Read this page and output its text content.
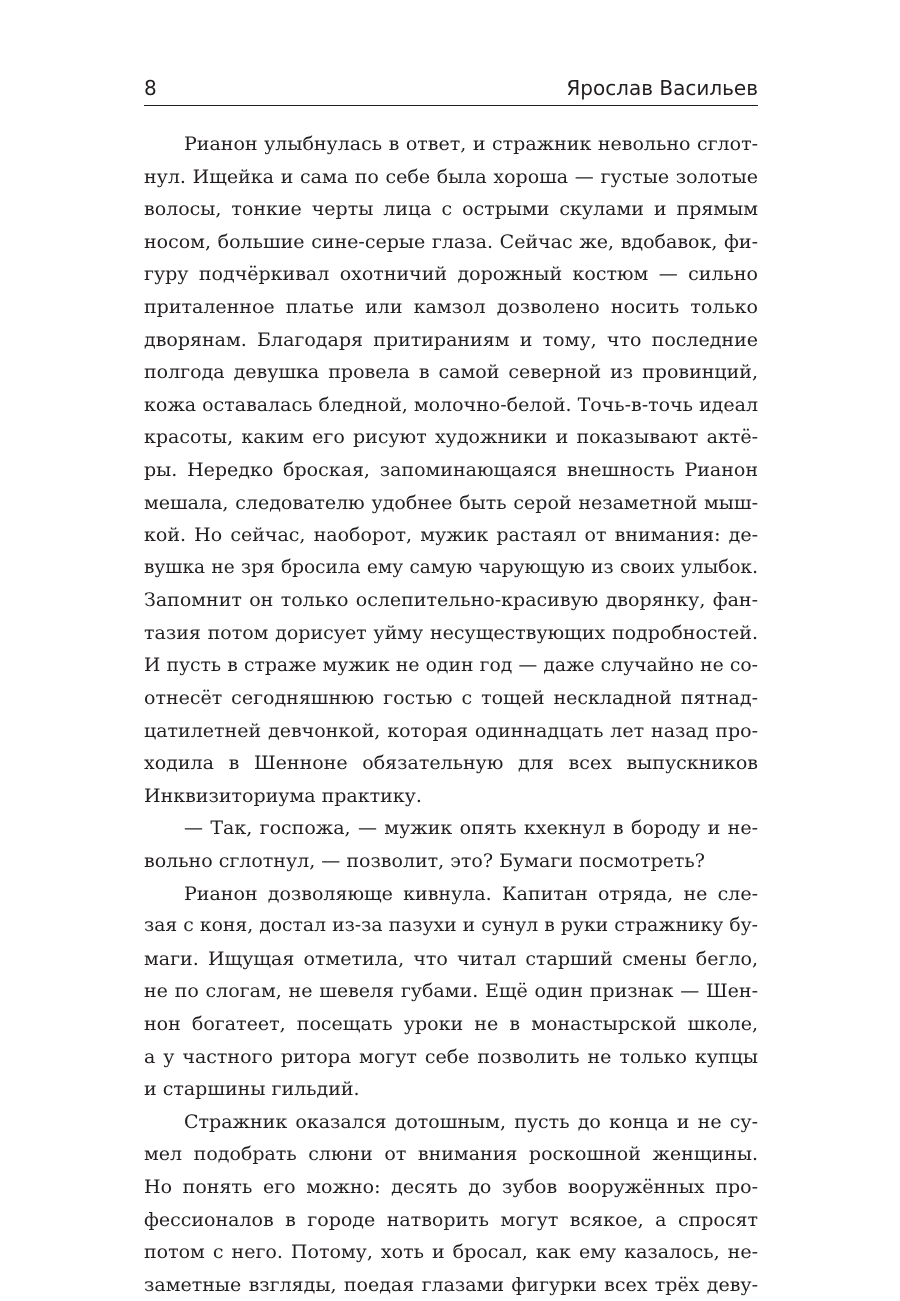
8	Ярослав Васильев
Рианон улыбнулась в ответ, и стражник невольно сглот-
нул. Ищейка и сама по себе была хороша — густые золотые
волосы, тонкие черты лица с острыми скулами и прямым
носом, большие сине-серые глаза. Сейчас же, вдобавок, фи-
гуру подчёркивал охотничий дорожный костюм — сильно
приталенное платье или камзол дозволено носить только
дворянам. Благодаря притираниям и тому, что последние
полгода девушка провела в самой северной из провинций,
кожа оставалась бледной, молочно-белой. Точь-в-точь идеал
красоты, каким его рисуют художники и показывают актё-
ры. Нередко броская, запоминающаяся внешность Рианон
мешала, следователю удобнее быть серой незаметной мыш-
кой. Но сейчас, наоборот, мужик растаял от внимания: де-
вушка не зря бросила ему самую чарующую из своих улыбок.
Запомнит он только ослепительно-красивую дворянку, фан-
тазия потом дорисует уйму несуществующих подробностей.
И пусть в страже мужик не один год — даже случайно не со-
отнесёт сегодняшнюю гостью с тощей нескладной пятнад-
цатилетней девчонкой, которая одиннадцать лет назад про-
ходила в Шенноне обязательную для всех выпускников
Инквизиториума практику.
— Так, госпожа, — мужик опять кхекнул в бороду и не-
вольно сглотнул, — позволит, это? Бумаги посмотреть?
Рианон дозволяюще кивнула. Капитан отряда, не сле-
зая с коня, достал из-за пазухи и сунул в руки стражнику бу-
маги. Ищущая отметила, что читал старший смены бегло,
не по слогам, не шевеля губами. Ещё один признак — Шен-
нон богатеет, посещать уроки не в монастырской школе,
а у частного ритора могут себе позволить не только купцы
и старшины гильдий.
Стражник оказался дотошным, пусть до конца и не су-
мел подобрать слюни от внимания роскошной женщины.
Но понять его можно: десять до зубов вооружённых про-
фессионалов в городе натворить могут всякое, а спросят
потом с него. Потому, хоть и бросал, как ему казалось, не-
заметные взгляды, поедая глазами фигурки всех трёх деву-
